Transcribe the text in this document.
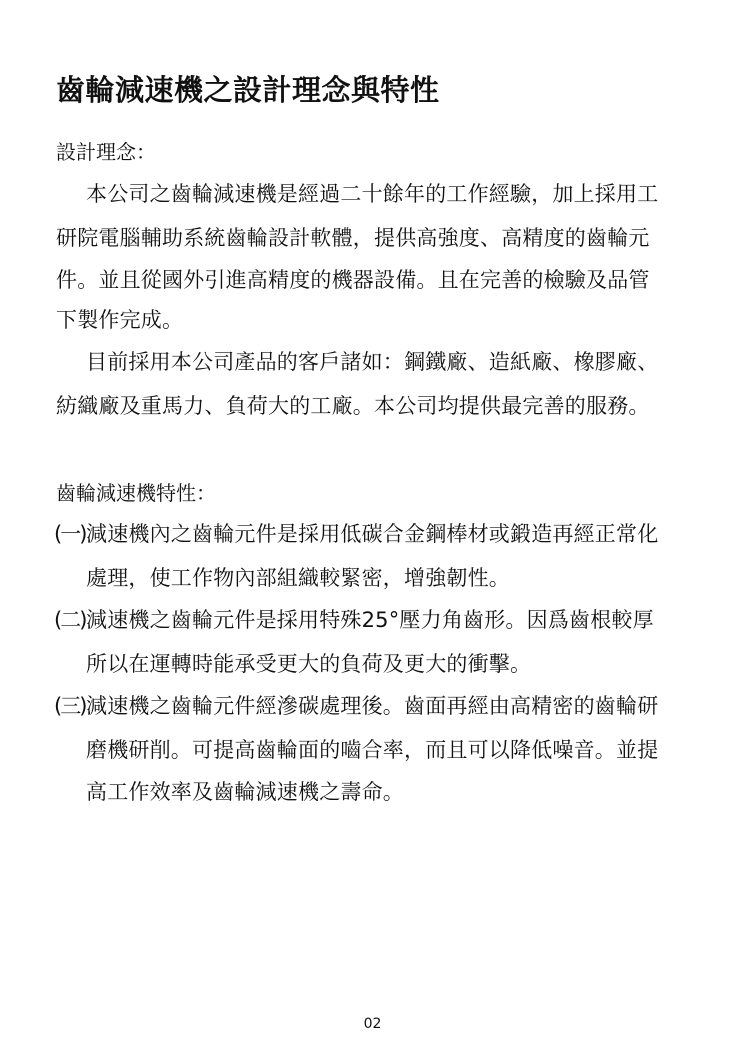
齒輪減速機之設計理念與特性
設計理念：
本公司之齒輪減速機是經過二十餘年的工作經驗，加上採用工
研院電腦輔助系統齒輪設計軟體，提供高強度、高精度的齒輪元
件。並且從國外引進高精度的機器設備。且在完善的檢驗及品管
下製作完成。
目前採用本公司產品的客戶諸如：鋼鐵廠、造紙廠、橡膠廠、
紡織廠及重馬力、負荷大的工廠。本公司均提供最完善的服務。
齒輪減速機特性：
(一) 減速機內之齒輪元件是採用低碳合金鋼棒材或鍛造再經正常化
處理，使工作物內部組織較緊密，增強韌性。
(二) 減速機之齒輪元件是採用特殊25°壓力角齒形。因爲齒根較厚
所以在運轉時能承受更大的負荷及更大的衝擊。
(三) 減速機之齒輪元件經滲碳處理後。齒面再經由高精密的齒輪研
磨機研削。可提高齒輪面的嚙合率，而且可以降低噪音。並提
高工作效率及齒輪減速機之壽命。
02
